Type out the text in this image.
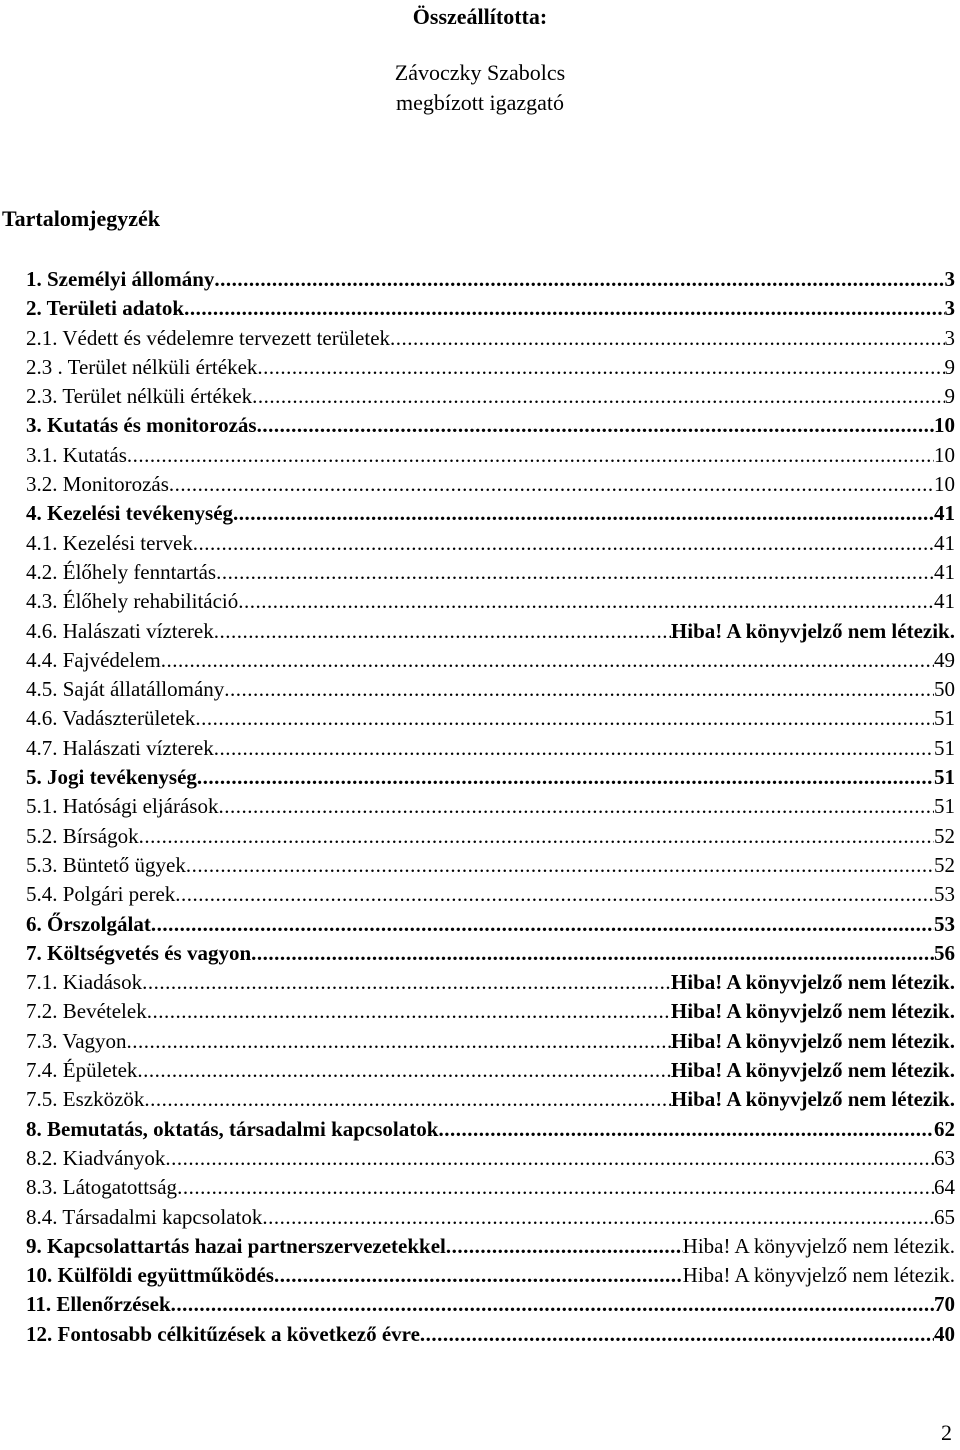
Összeállította:
Závoczky Szabolcs
megbízott igazgató
Tartalomjegyzék
1. Személyi állomány .....	3
2. Területi adatok .....	3
2.1. Védett és védelemre tervezett területek .....	3
2.3 . Terület nélküli értékek .....	9
2.3. Terület nélküli értékek .....	9
3. Kutatás és monitorozás .....	10
3.1. Kutatás .....	10
3.2. Monitorozás .....	10
4. Kezelési tevékenység .....	41
4.1. Kezelési tervek .....	41
4.2. Élőhely fenntartás .....	41
4.3. Élőhely rehabilitáció .....	41
4.6. Halászati vízterek .....	Hiba! A könyvjelző nem létezik.
4.4. Fajvédelem .....	49
4.5. Saját állatállomány .....	50
4.6. Vadászterületek .....	51
4.7. Halászati vízterek .....	51
5. Jogi tevékenység .....	51
5.1. Hatósági eljárások .....	51
5.2. Bírságok .....	52
5.3. Büntető ügyek .....	52
5.4. Polgári perek .....	53
6. Őrszolgálat .....	53
7. Költségvetés és vagyon .....	56
7.1. Kiadások .....	Hiba! A könyvjelző nem létezik.
7.2. Bevételek .....	Hiba! A könyvjelző nem létezik.
7.3. Vagyon .....	Hiba! A könyvjelző nem létezik.
7.4. Épületek .....	Hiba! A könyvjelző nem létezik.
7.5. Eszközök .....	Hiba! A könyvjelző nem létezik.
8. Bemutatás, oktatás, társadalmi kapcsolatok .....	62
8.2. Kiadványok .....	63
8.3. Látogatottság .....	64
8.4. Társadalmi kapcsolatok .....	65
9. Kapcsolattartás hazai partnerszervezetekkel .....	Hiba! A könyvjelző nem létezik.
10. Külföldi együttműködés .....	Hiba! A könyvjelző nem létezik.
11. Ellenőrzések .....	70
12. Fontosabb célkitűzések a következő évre .....	40
2
